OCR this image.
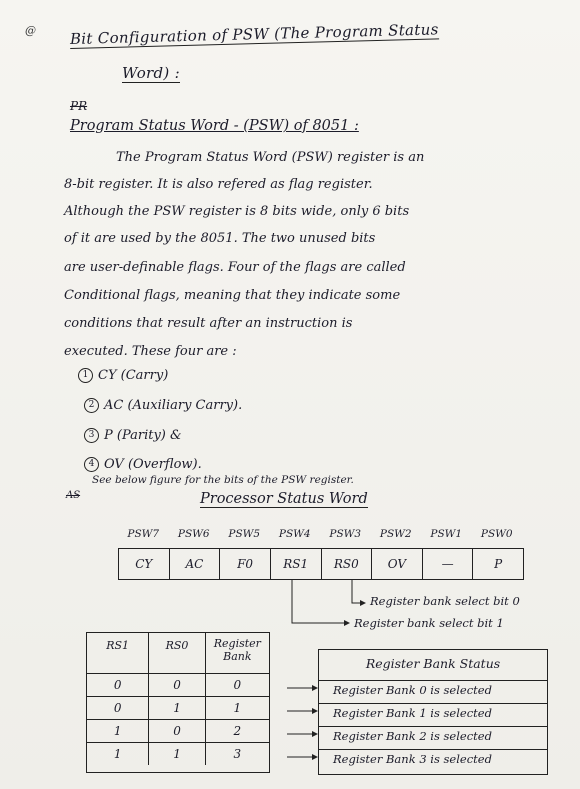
@ Bit Configuration of PSW (The Program Status
Word) :
PR
Program Status Word - (PSW) of 8051 :
The Program Status Word (PSW) register is an
8-bit register. It is also refered as flag register.
Although the PSW register is 8 bits wide, only 6 bits
of it are used by the 8051. The two unused bits
are user-definable flags. Four of the flags are called
Conditional flags, meaning that they indicate some
conditions that result after an instruction is
executed. These four are :
1 CY (Carry)
2 AC (Auxiliary Carry).
3 P (Parity) &
4 OV (Overflow).
See below figure for the bits of the PSW register.
AS	Processor Status Word
PSW7	PSW6	PSW5	PSW4	PSW3	PSW2	PSW1	PSW0
CY	AC	F0	RS1	RS0	OV	—	P
Register bank select bit 0
Register bank select bit 1
RS1	RS0	Register Bank
0	0	0
0	1	1
1	0	2
1	1	3
Register Bank Status
Register Bank 0 is selected
Register Bank 1 is selected
Register Bank 2 is selected
Register Bank 3 is selected
